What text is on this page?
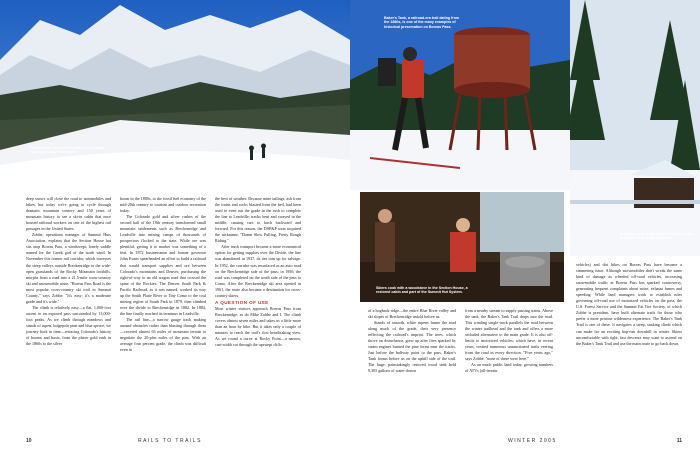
Snowshoers descend Boreas Pass amid the towering Rocky Mountains.
Baker's Tank, a railroad-era trail dating from the 1880s, is one of the many examples of historical preservation on Boreas Pass.
A spring snow dusts Robert's Cabin at the Keystone Tree of Boreas Pass.
Skiers cook with a woodstove in the Section House, a restored cabin and part of the Summit Hut System.

deep snows will close the road to automobiles and bikes, but today we're going to cycle through dramatic mountain scenery and 150 years of mountain history to see a ski-in cabin that once housed railroad workers on one of the highest rail passages in the United States.

Zobbe, operations manager of Summit Huts Association, explains that the Section House hut sits atop Boreas Pass, a windswept, lonely saddle named for the Greek god of the north wind. In November this former rail corridor, which traverses the steep valleys outside Breckenridge to the wide-open grasslands of the Rocky Mountain foothills, morphs from a road into a 21.5-mile cross-country ski and snowmobile route. "Boreas Pass Road is the most popular cross-country ski trail in Summit County," says Zobbe. "It's easy; it's a moderate grade and it's wide."

The climb is relatively easy—a flat, 1,000-foot ascent to an exposed pass surrounded by 13,000-foot peaks. As we climb through meadows and stands of aspen, lodgepole pine and blue spruce, we journey back in time—retracing Colorado's history of booms and busts, from the placer gold rush in the 1860s to the silver

boom in the 1880s, to the fossil fuel economy of the mid-20th century to tourism and outdoor recreation today.

The Colorado gold and silver rushes of the second half of the 19th century transformed small mountain settlements such as Breckenridge and Leadville into mining camps of thousands of prospectors flocked to the state. While ore was plentiful, getting it to market was something of a feat. In 1872 businessman and former governor John Evans spearheaded an effort to build a railroad that would transport supplies and ore between Colorado's mountains and Denver, purchasing the right-of-way to an old wagon road that crossed the spine of the Rockies. The Denver South Park & Pacific Railroad, as it was named, worked its way up the South Platte River to Tiny Como to the coal mining region of South Park in 1879, then climbed over the divide to Breckenridge in 1882. In 1884, the line finally reached its terminus in Leadville.

The rail line—a narrow gauge track making around obstacles rather than blasting through them—covered almost 63 miles of mountain terrain to negotiate the 20-plus miles of the pass. With an average four percent grade, the climb was difficult even in

the best of weather. Because mine tailings, ash from the trains and rocks blasted from the bed, had been used to even out the grade in the rush to complete the line to Leadville, tracks bent and swayed in the middle, causing cars to lurch backward and forward. For this reason, the DSP&P soon acquired the nickname, "Damn Slow Pulling, Pretty Rough Riding."

After truck transport became a more economical option for getting supplies over the Divide, the line was abandoned in 1937, its ties torn up for salvage. In 1952, the corridor was resurfaced as an auto road on the Breckenridge side of the pass; in 1956, the road was completed on the south side of the pass to Como. After the Breckenridge ski area opened in 1961, the route also became a destination for cross-country skiers.

A QUESTION OF USE

Most winter visitors approach Boreas Pass from Breckenridge, as do Mike Zobbe and I. The climb covers almost seven miles and takes us a little more than an hour by bike. But it takes only a couple of minutes to reach the trail's first breathtaking view. As we round a curve at Rocky Point—a narrow, cart-width cut through the upswept cliffs

of a hogback ridge—the entire Blue River valley and ski slopes of Breckenridge unfold before us.

Stands of smooth, white aspens frame the road along much of the grade, their very presence reflecting the railroad's imprint. The trees, which thrive on disturbance, grew up after fires sparked by steam engines burned the pine forest near the tracks. Just before the halfway point to the pass, Baker's Tank looms before us on the uphill side of the trail. The huge, painstakingly restored wood tank held 9,305 gallons of water drawn

from a nearby stream to supply passing trains. Above the tank, the Baker's Tank Trail drops into the road. This winding single-track parallels the road between the winter trailhead and the tank and offers a more secluded alternative to the main grade. It is also off-limits to motorized vehicles, which have, in recent years, created numerous unsanctioned trails veering from the road in every direction. "Five years ago," says Zobbe, "none of these were here."

As on much public land today, growing numbers of ATVs (all-terrain

vehicles) and dirt bikes on Boreas Pass have become a simmering issue. Although snowmobiles don't wreak the same kind of damage as wheeled off-road vehicles, increasing snowmobile traffic at Boreas Pass has sparked controversy, generating frequent complaints about noise, exhaust fumes and speeding. While land managers work to establish rules governing off-road use of motorized vehicles on the pass, the U.S. Forest Service and the Summit Fat Tire Society, of which Zobbe is president, have built alternate trails for those who prefer a more pristine wilderness experience. The Baker's Tank Trail is one of these. It navigates a steep, snaking climb which can make for an exciting hop-run downhill in winter. Skiers uncomfortable with tight, fast descents may want to ascend on the Baker's Tank Trail and use the main route to go back down.

10	RAILS TO TRAILS	WINTER 2005	11
